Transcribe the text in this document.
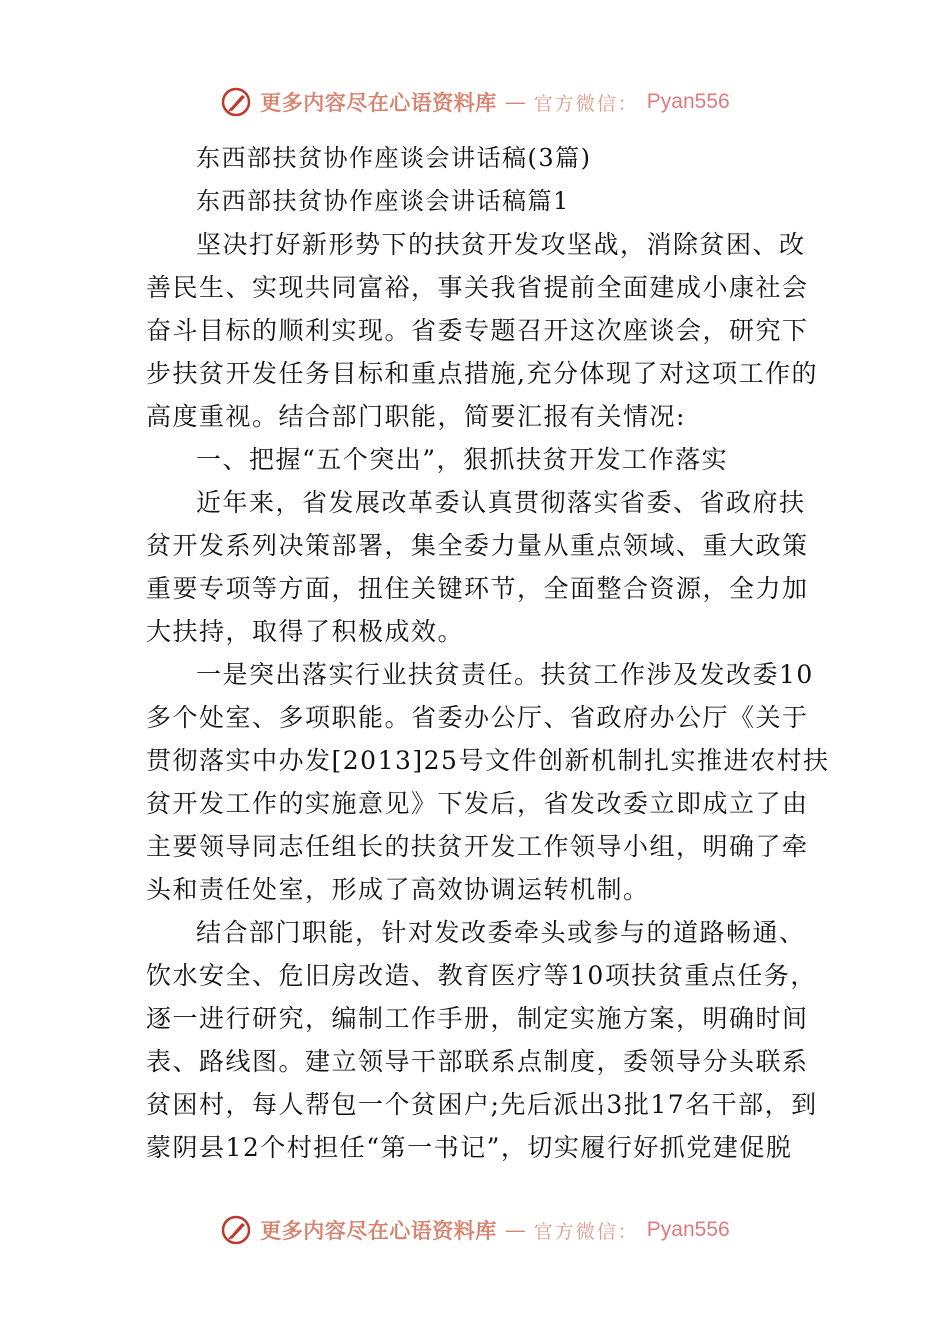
更多内容尽在心语资料库 — 官方微信： Pyan556
东西部扶贫协作座谈会讲话稿(3篇)
东西部扶贫协作座谈会讲话稿篇1
坚决打好新形势下的扶贫开发攻坚战，消除贫困、改
善民生、实现共同富裕，事关我省提前全面建成小康社会
奋斗目标的顺利实现。省委专题召开这次座谈会，研究下
步扶贫开发任务目标和重点措施,充分体现了对这项工作的
高度重视。结合部门职能，简要汇报有关情况:
一、把握“五个突出”，狠抓扶贫开发工作落实
近年来，省发展改革委认真贯彻落实省委、省政府扶
贫开发系列决策部署，集全委力量从重点领域、重大政策
重要专项等方面，扭住关键环节，全面整合资源，全力加
大扶持，取得了积极成效。
一是突出落实行业扶贫责任。扶贫工作涉及发改委10
多个处室、多项职能。省委办公厅、省政府办公厅《关于
贯彻落实中办发[2013]25号文件创新机制扎实推进农村扶
贫开发工作的实施意见》下发后，省发改委立即成立了由
主要领导同志任组长的扶贫开发工作领导小组，明确了牵
头和责任处室，形成了高效协调运转机制。
结合部门职能，针对发改委牵头或参与的道路畅通、
饮水安全、危旧房改造、教育医疗等10项扶贫重点任务，
逐一进行研究，编制工作手册，制定实施方案，明确时间
表、路线图。建立领导干部联系点制度，委领导分头联系
贫困村，每人帮包一个贫困户;先后派出3批17名干部，到
蒙阴县12个村担任“第一书记”，切实履行好抓党建促脱
更多内容尽在心语资料库 — 官方微信： Pyan556
